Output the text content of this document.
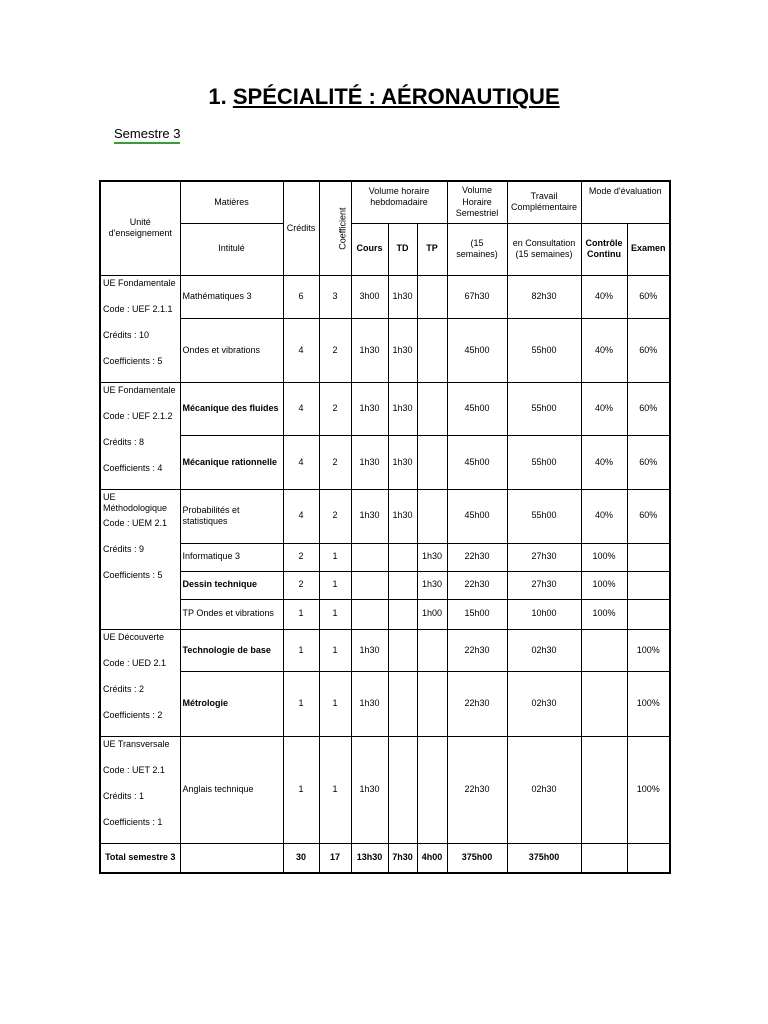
1. SPÉCIALITÉ : AÉRONAUTIQUE
Semestre 3
Unité d'enseignement	Matières	Crédits	Coefficient	Volume horaire hebdomadaire			Volume Horaire Semestriel	Travail Complémentaire	Mode d'évaluation	
	Intitulé			Cours	TD	TP	(15 semaines)	en Consultation (15 semaines)	Contrôle Continu	Examen

UE Fondamentale
Code : UEF 2.1.1
Crédits : 10
Coefficients : 5	Mathématiques 3	6	3	3h00	1h30		67h30	82h30	40%	60%
	Ondes et vibrations	4	2	1h30	1h30		45h00	55h00	40%	60%

UE Fondamentale
Code : UEF 2.1.2
Crédits : 8
Coefficients : 4	Mécanique des fluides	4	2	1h30	1h30		45h00	55h00	40%	60%
	Mécanique rationnelle	4	2	1h30	1h30		45h00	55h00	40%	60%

UE Méthodologique
Code : UEM 2.1
Crédits : 9
Coefficients : 5	Probabilités et statistiques	4	2	1h30	1h30		45h00	55h00	40%	60%
	Informatique 3	2	1			1h30	22h30	27h30	100%	
	Dessin technique	2	1			1h30	22h30	27h30	100%	
	TP Ondes et vibrations	1	1			1h00	15h00	10h00	100%	

UE Découverte
Code : UED 2.1
Crédits : 2
Coefficients : 2	Technologie de base	1	1	1h30			22h30	02h30		100%
	Métrologie	1	1	1h30			22h30	02h30		100%

UE Transversale
Code : UET 2.1
Crédits : 1
Coefficients : 1	Anglais technique	1	1	1h30			22h30	02h30		100%
Total semestre 3		30	17	13h30	7h30	4h00	375h00	375h00		
